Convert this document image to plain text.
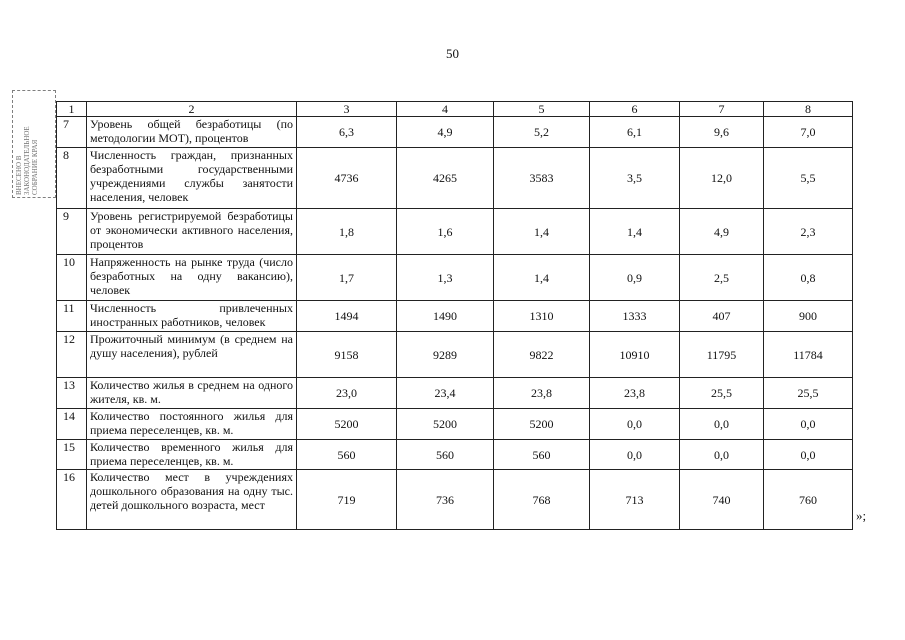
50
ВНЕСЕНО В ЗАКОНОДАТЕЛЬНОЕ СОБРАНИЕ КРАЯ
1	2	3	4	5	6	7	8
7	Уровень общей безработицы (по методологии МОТ), процентов	6,3	4,9	5,2	6,1	9,6	7,0
8	Численность граждан, признанных безработными государственными учреждениями службы занятости населения, человек	4736	4265	3583	3,5	12,0	5,5
9	Уровень регистрируемой безработицы от экономически активного населения, процентов	1,8	1,6	1,4	1,4	4,9	2,3
10	Напряженность на рынке труда (число безработных на одну вакансию), человек	1,7	1,3	1,4	0,9	2,5	0,8
11	Численность привлеченных иностранных работников, человек	1494	1490	1310	1333	407	900
12	Прожиточный минимум (в среднем на душу населения), рублей	9158	9289	9822	10910	11795	11784
13	Количество жилья в среднем на одного жителя, кв. м.	23,0	23,4	23,8	23,8	25,5	25,5
14	Количество постоянного жилья для приема переселенцев, кв. м.	5200	5200	5200	0,0	0,0	0,0
15	Количество временного жилья для приема переселенцев, кв. м.	560	560	560	0,0	0,0	0,0
16	Количество мест в учреждениях дошкольного образования на одну тыс. детей дошкольного возраста, мест	719	736	768	713	740	760
»;
